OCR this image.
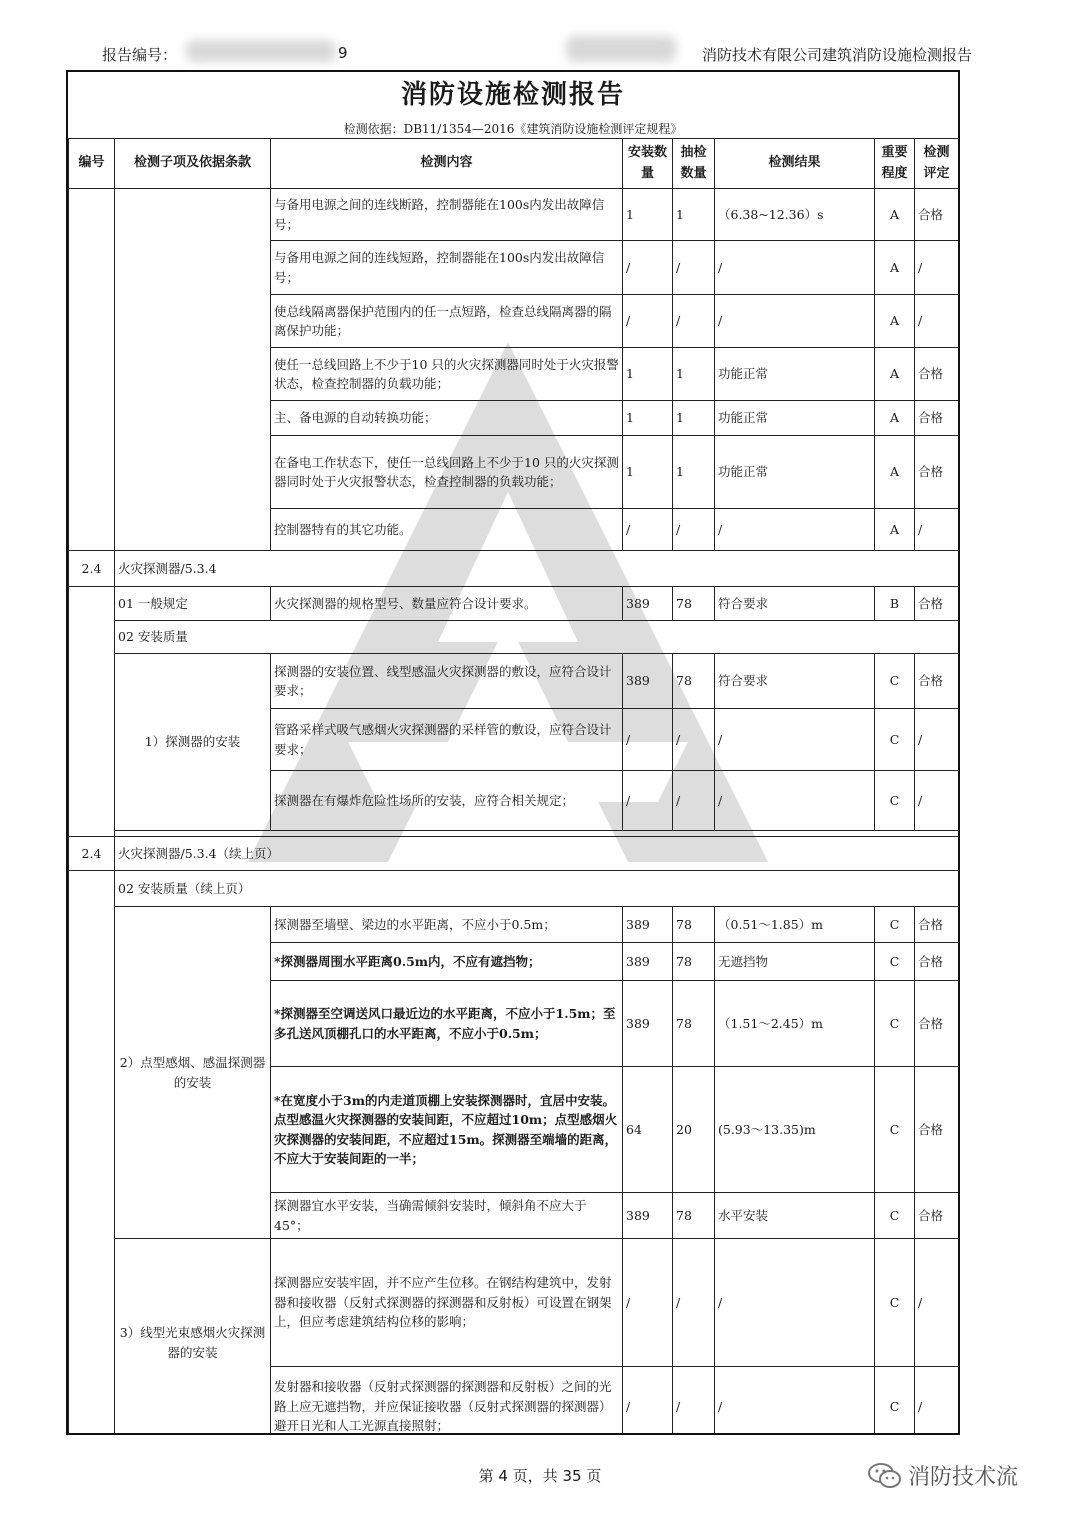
报告编号：	9	消防技术有限公司建筑消防设施检测报告
消防设施检测报告
检测依据：DB11/1354—2016《建筑消防设施检测评定规程》
编号	检测子项及依据条款	检测内容	安装数量	抽检数量	检测结果	重要程度	检测评定
		与备用电源之间的连线断路，控制器能在100s内发出故障信号；	1	1	（6.38~12.36）s	A	合格
		与备用电源之间的连线短路，控制器能在100s内发出故障信号；	/	/	/	A	/
		使总线隔离器保护范围内的任一点短路，检查总线隔离器的隔离保护功能；	/	/	/	A	/
		使任一总线回路上不少于10 只的火灾探测器同时处于火灾报警状态，检查控制器的负载功能；	1	1	功能正常	A	合格
		主、备电源的自动转换功能；	1	1	功能正常	A	合格
		在备电工作状态下，使任一总线回路上不少于10 只的火灾探测器同时处于火灾报警状态，检查控制器的负载功能；	1	1	功能正常	A	合格
		控制器特有的其它功能。	/	/	/	A	/
2.4	火灾探测器/5.3.4						
	01 一般规定	火灾探测器的规格型号、数量应符合设计要求。	389	78	符合要求	B	合格
	02 安装质量						
	1）探测器的安装	探测器的安装位置、线型感温火灾探测器的敷设，应符合设计要求；	389	78	符合要求	C	合格
		管路采样式吸气感烟火灾探测器的采样管的敷设，应符合设计要求；	/	/	/	C	/
		探测器在有爆炸危险性场所的安装，应符合相关规定；	/	/	/	C	/

2.4	火灾探测器/5.3.4（续上页）						
	02 安装质量（续上页）						
	2）点型感烟、感温探测器的安装	探测器至墙壁、梁边的水平距离，不应小于0.5m；	389	78	（0.51～1.85）m	C	合格
		*探测器周围水平距离0.5m内，不应有遮挡物；	389	78	无遮挡物	C	合格
		*探测器至空调送风口最近边的水平距离，不应小于1.5m；至多孔送风顶棚孔口的水平距离，不应小于0.5m；	389	78	（1.51～2.45）m	C	合格
		*在宽度小于3m的内走道顶棚上安装探测器时，宜居中安装。点型感温火灾探测器的安装间距，不应超过10m；点型感烟火灾探测器的安装间距，不应超过15m。探测器至端墙的距离，不应大于安装间距的一半；	64	20	(5.93～13.35)m	C	合格
		探测器宜水平安装，当确需倾斜安装时，倾斜角不应大于45°；	389	78	水平安装	C	合格
	3）线型光束感烟火灾探测器的安装	探测器应安装牢固，并不应产生位移。在钢结构建筑中，发射器和接收器（反射式探测器的探测器和反射板）可设置在钢架上，但应考虑建筑结构位移的影响；	/	/	/	C	/
		发射器和接收器（反射式探测器的探测器和反射板）之间的光路上应无遮挡物，并应保证接收器（反射式探测器的探测器）避开日光和人工光源直接照射；	/	/	/	C	/
第 4 页，共 35 页	消防技术流
